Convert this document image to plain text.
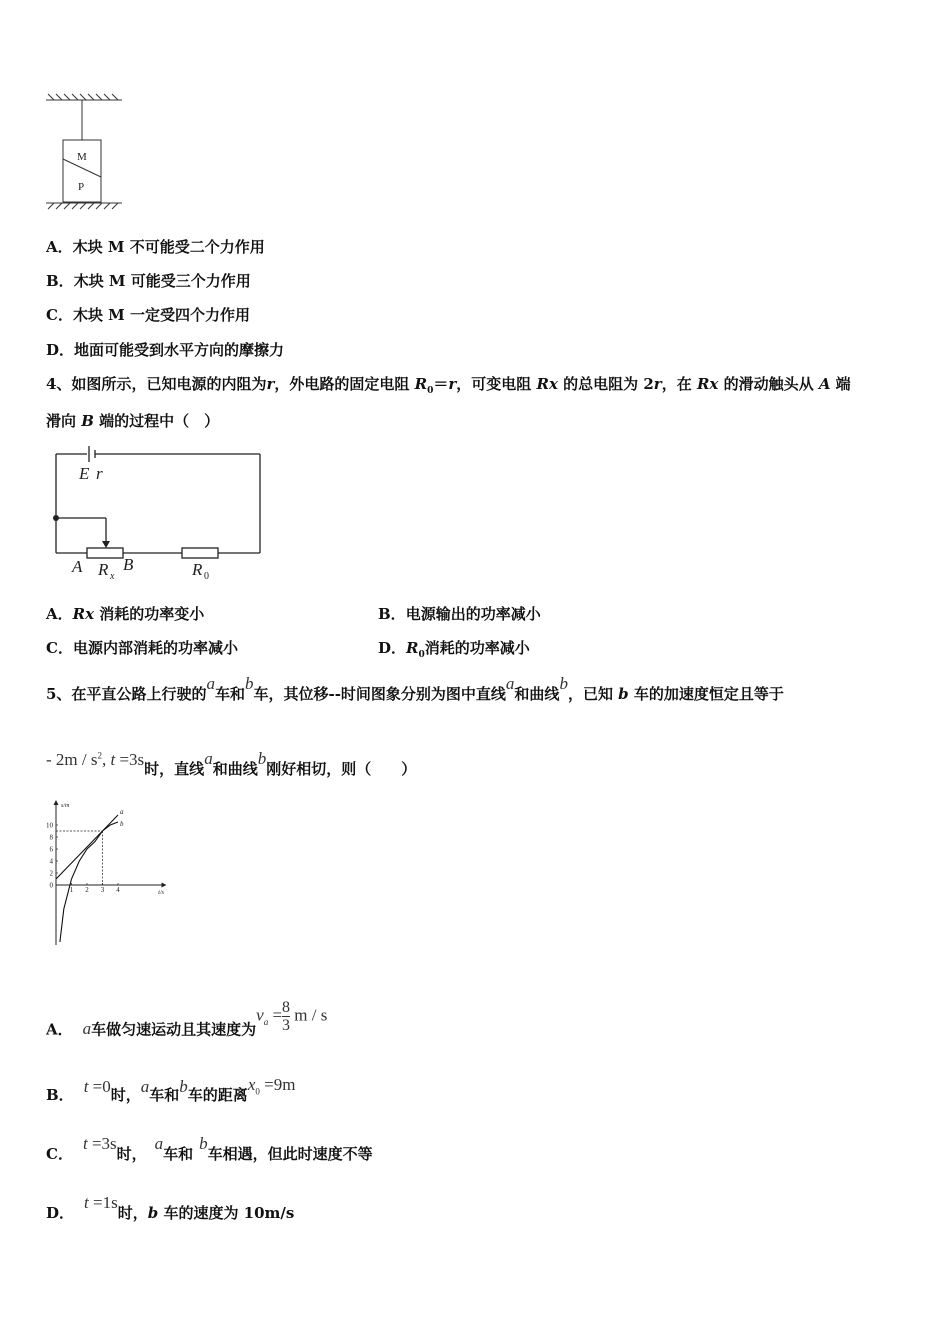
M
P
A．木块 M 不可能受二个力作用
B．木块 M 可能受三个力作用
C．木块 M 一定受四个力作用
D．地面可能受到水平方向的摩擦力
4、如图所示，已知电源的内阻为r，外电路的固定电阻 $R_0=r$，可变电阻 Rx 的总电阻为 2r，在 Rx 的滑动触头从 A 端
滑向 B 端的过程中（　）
E r
A R x
B	R 0
A．Rx 消耗的功率变小	B．电源输出的功率减小
C．电源内部消耗的功率减小	D．$R_0$消耗的功率减小
5、在平直公路上行驶的a车和b车，其位移--时间图象分别为图中直线a和曲线b，已知 b 车的加速度恒定且等于
- $2m / s^2$, t =3s时，直线a和曲线b刚好相切，则（　　）
s/m
t/s
0
2
4
6
8
10
1 2 3 4
a
b
A． a车做匀速运动且其速度为$v_a = \frac{8}{3}$ m / s
B． t =0时，a车和b车的距离$x_0 =9m$
C．t =3s时，a车和b车相遇，但此时速度不等
D．t =1s时，b 车的速度为 10m/s
